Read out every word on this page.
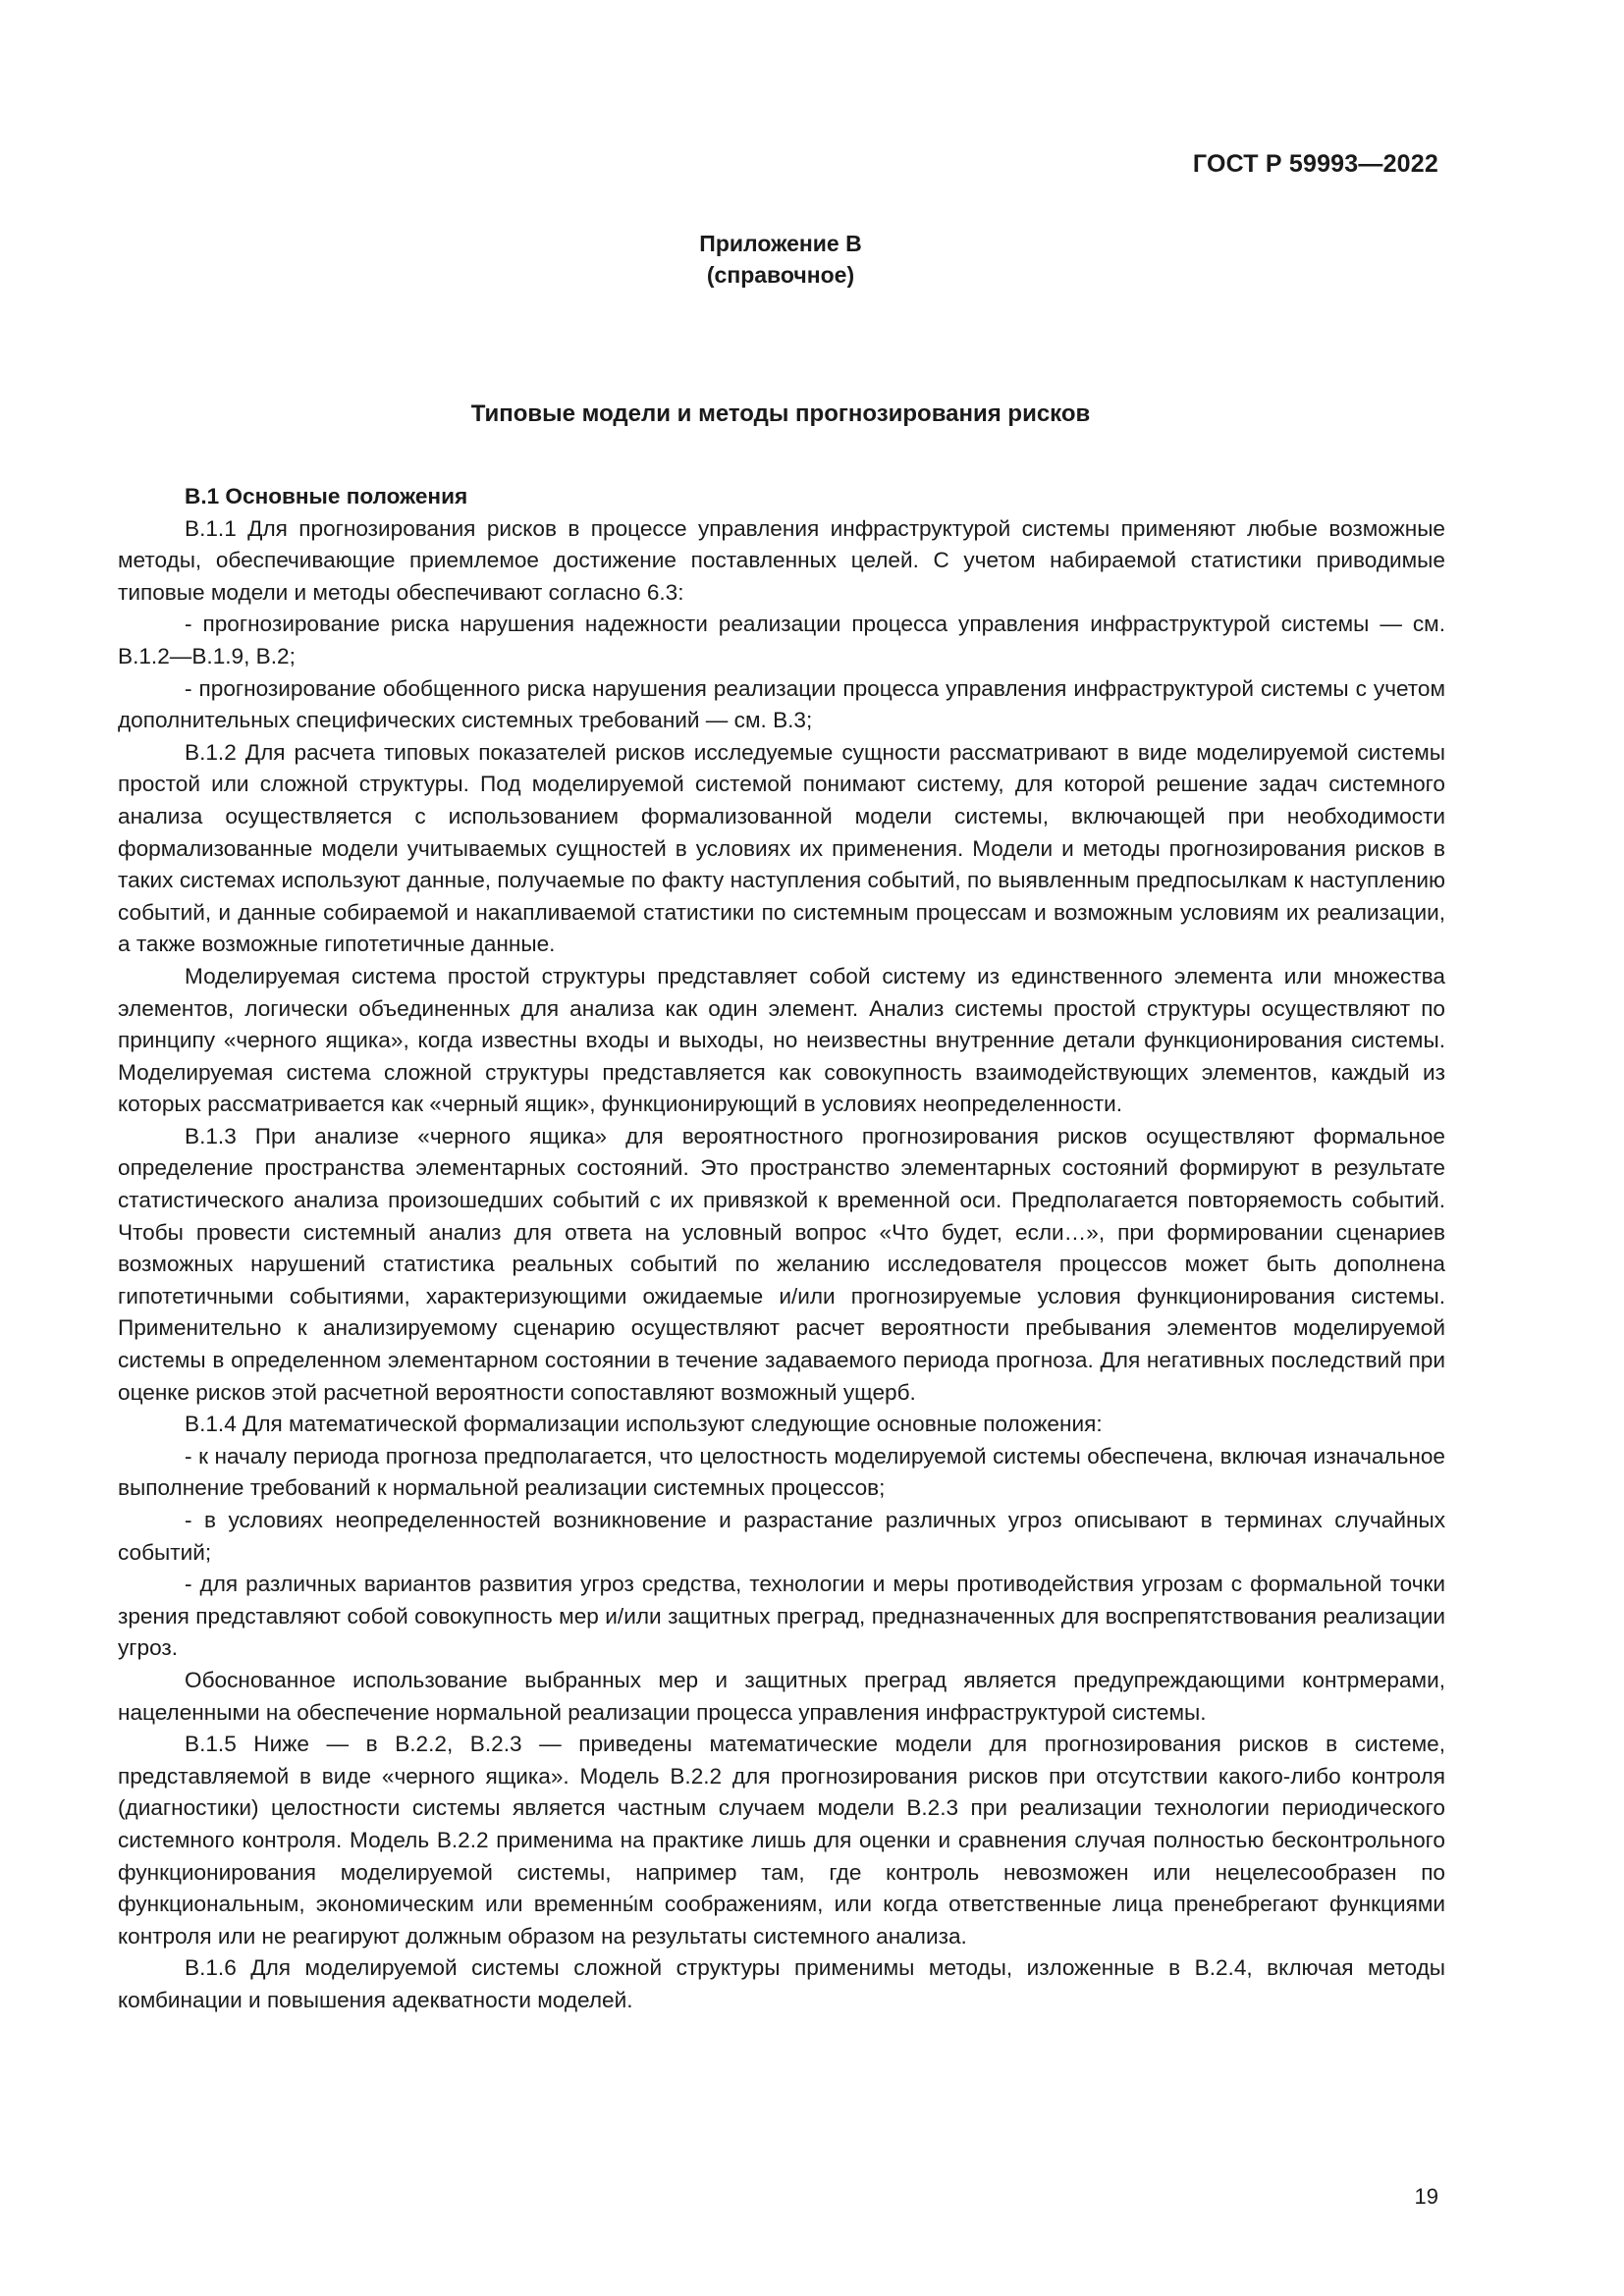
ГОСТ Р 59993—2022
Приложение В
(справочное)
Типовые модели и методы прогнозирования рисков
В.1 Основные положения

В.1.1 Для прогнозирования рисков в процессе управления инфраструктурой системы применяют любые возможные методы, обеспечивающие приемлемое достижение поставленных целей. С учетом набираемой статистики приводимые типовые модели и методы обеспечивают согласно 6.3:

- прогнозирование риска нарушения надежности реализации процесса управления инфраструктурой системы — см. В.1.2—В.1.9, В.2;

- прогнозирование обобщенного риска нарушения реализации процесса управления инфраструктурой системы с учетом дополнительных специфических системных требований — см. В.3;

В.1.2 Для расчета типовых показателей рисков исследуемые сущности рассматривают в виде моделируемой системы простой или сложной структуры. Под моделируемой системой понимают систему, для которой решение задач системного анализа осуществляется с использованием формализованной модели системы, включающей при необходимости формализованные модели учитываемых сущностей в условиях их применения. Модели и методы прогнозирования рисков в таких системах используют данные, получаемые по факту наступления событий, по выявленным предпосылкам к наступлению событий, и данные собираемой и накапливаемой статистики по системным процессам и возможным условиям их реализации, а также возможные гипотетичные данные.

Моделируемая система простой структуры представляет собой систему из единственного элемента или множества элементов, логически объединенных для анализа как один элемент. Анализ системы простой структуры осуществляют по принципу «черного ящика», когда известны входы и выходы, но неизвестны внутренние детали функционирования системы. Моделируемая система сложной структуры представляется как совокупность взаимодействующих элементов, каждый из которых рассматривается как «черный ящик», функционирующий в условиях неопределенности.

В.1.3 При анализе «черного ящика» для вероятностного прогнозирования рисков осуществляют формальное определение пространства элементарных состояний. Это пространство элементарных состояний формируют в результате статистического анализа произошедших событий с их привязкой к временной оси. Предполагается повторяемость событий. Чтобы провести системный анализ для ответа на условный вопрос «Что будет, если…», при формировании сценариев возможных нарушений статистика реальных событий по желанию исследователя процессов может быть дополнена гипотетичными событиями, характеризующими ожидаемые и/или прогнозируемые условия функционирования системы. Применительно к анализируемому сценарию осуществляют расчет вероятности пребывания элементов моделируемой системы в определенном элементарном состоянии в течение задаваемого периода прогноза. Для негативных последствий при оценке рисков этой расчетной вероятности сопоставляют возможный ущерб.

В.1.4 Для математической формализации используют следующие основные положения:

- к началу периода прогноза предполагается, что целостность моделируемой системы обеспечена, включая изначальное выполнение требований к нормальной реализации системных процессов;

- в условиях неопределенностей возникновение и разрастание различных угроз описывают в терминах случайных событий;

- для различных вариантов развития угроз средства, технологии и меры противодействия угрозам с формальной точки зрения представляют собой совокупность мер и/или защитных преград, предназначенных для воспрепятствования реализации угроз.

Обоснованное использование выбранных мер и защитных преград является предупреждающими контрмерами, нацеленными на обеспечение нормальной реализации процесса управления инфраструктурой системы.

В.1.5 Ниже — в В.2.2, В.2.3 — приведены математические модели для прогнозирования рисков в системе, представляемой в виде «черного ящика». Модель В.2.2 для прогнозирования рисков при отсутствии какого-либо контроля (диагностики) целостности системы является частным случаем модели В.2.3 при реализации технологии периодического системного контроля. Модель В.2.2 применима на практике лишь для оценки и сравнения случая полностью бесконтрольного функционирования моделируемой системы, например там, где контроль невозможен или нецелесообразен по функциональным, экономическим или временны́м соображениям, или когда ответственные лица пренебрегают функциями контроля или не реагируют должным образом на результаты системного анализа.

В.1.6 Для моделируемой системы сложной структуры применимы методы, изложенные в В.2.4, включая методы комбинации и повышения адекватности моделей.

19
